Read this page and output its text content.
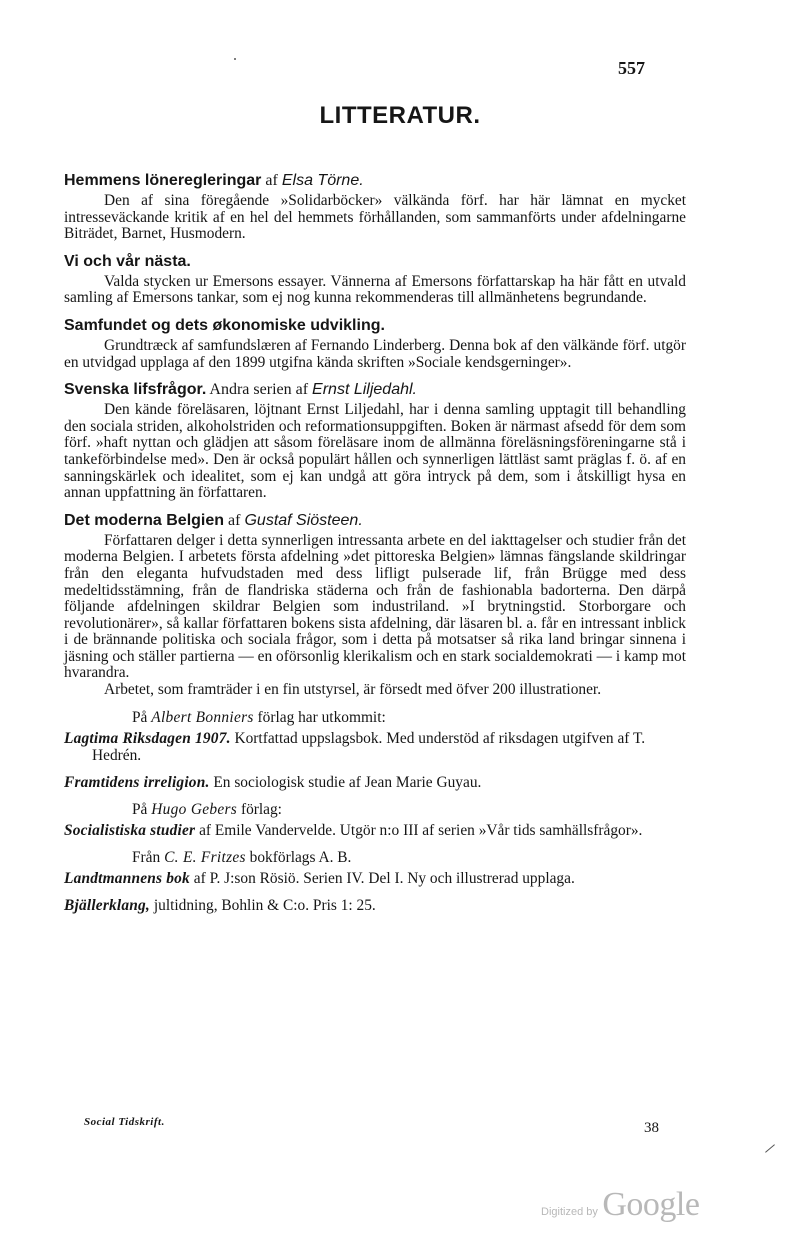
557
LITTERATUR.
Hemmens löneregleringar af Elsa Törne.

Den af sina föregående »Solidarböcker» välkända förf. har här lämnat en mycket intresseväckande kritik af en hel del hemmets förhållanden, som sammanförts under afdelningarne Biträdet, Barnet, Husmodern.

Vi och vår nästa.

Valda stycken ur Emersons essayer. Vännerna af Emersons författarskap ha här fått en utvald samling af Emersons tankar, som ej nog kunna rekommenderas till allmänhetens begrundande.

Samfundet og dets økonomiske udvikling.

Grundtræck af samfundslæren af Fernando Linderberg. Denna bok af den välkände förf. utgör en utvidgad upplaga af den 1899 utgifna kända skriften »Sociale kendsgerninger».

Svenska lifsfrågor. Andra serien af Ernst Liljedahl.

Den kände föreläsaren, löjtnant Ernst Liljedahl, har i denna samling upptagit till behandling den sociala striden, alkoholstriden och reformationsuppgiften. Boken är närmast afsedd för dem som förf. »haft nyttan och glädjen att såsom föreläsare inom de allmänna föreläsningsföreningarne stå i tankeförbindelse med». Den är också populärt hållen och synnerligen lättläst samt präglas f. ö. af en sanningskärlek och idealitet, som ej kan undgå att göra intryck på dem, som i åtskilligt hysa en annan uppfattning än författaren.

Det moderna Belgien af Gustaf Siösteen.

Författaren delger i detta synnerligen intressanta arbete en del iakttagelser och studier från det moderna Belgien. I arbetets första afdelning »det pittoreska Belgien» lämnas fängslande skildringar från den eleganta hufvudstaden med dess lifligt pulserade lif, från Brügge med dess medeltidsstämning, från de flandriska städerna och från de fashionabla badorterna. Den därpå följande afdelningen skildrar Belgien som industriland. »I brytningstid. Storborgare och revolutionärer», så kallar författaren bokens sista afdelning, där läsaren bl. a. får en intressant inblick i de brännande politiska och sociala frågor, som i detta på motsatser så rika land bringar sinnena i jäsning och ställer partierna — en oförsonlig klerikalism och en stark socialdemokrati — i kamp mot hvarandra.

Arbetet, som framträder i en fin utstyrsel, är försedt med öfver 200 illustrationer.

På Albert Bonniers förlag har utkommit:

Lagtima Riksdagen 1907. Kortfattad uppslagsbok. Med understöd af riksdagen utgifven af T. Hedrén.

Framtidens irreligion. En sociologisk studie af Jean Marie Guyau.

På Hugo Gebers förlag:

Socialistiska studier af Emile Vandervelde. Utgör n:o III af serien »Vår tids samhällsfrågor».

Från C. E. Fritzes bokförlags A. B.

Landtmannens bok af P. J:son Rösiö. Serien IV. Del I. Ny och illustrerad upplaga.

Bjällerklang, jultidning, Bohlin & C:o. Pris 1: 25.

Social Tidskrift.	38
Digitized by Google
